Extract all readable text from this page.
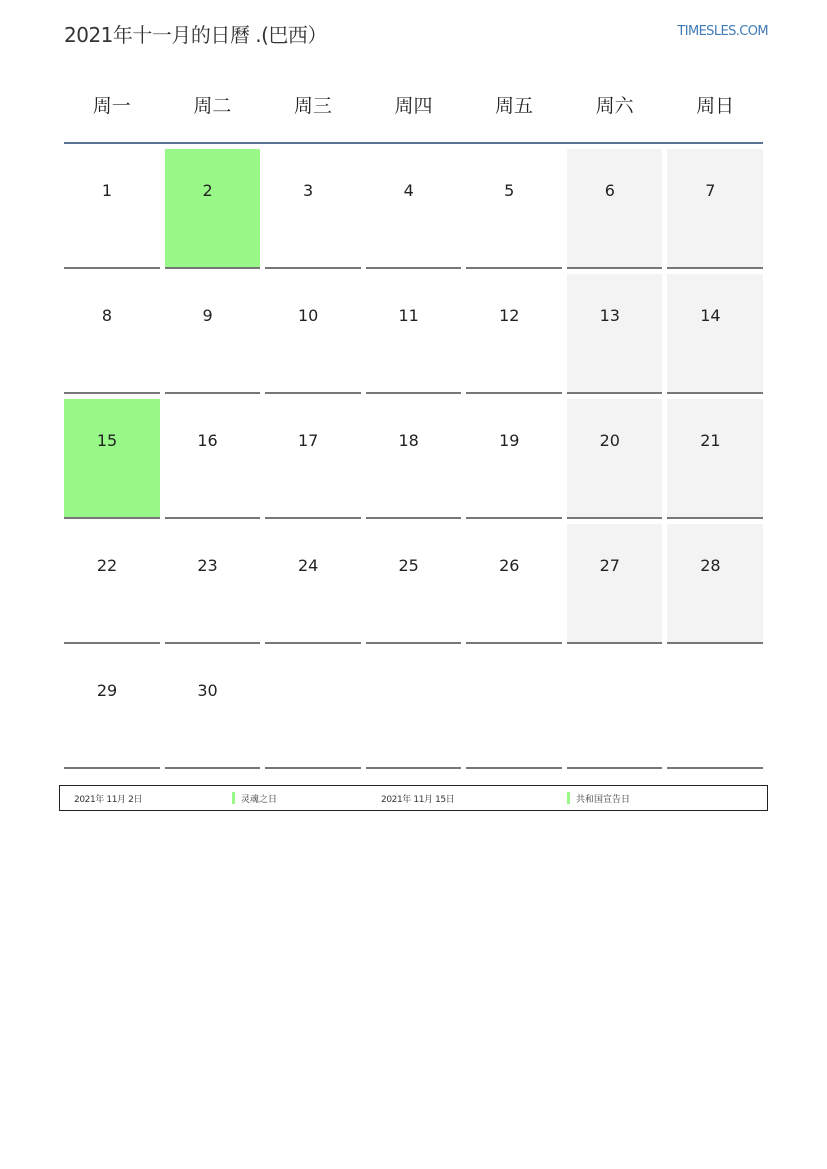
2021年十一月的日曆 .(巴西）	TIMESLES.COM
周一	周二	周三	周四	周五	周六	周日
1	2	3	4	5	6	7
8	9	10	11	12	13	14
15	16	17	18	19	20	21
22	23	24	25	26	27	28
29	30
2021年 11月 2日	灵魂之日	2021年 11月 15日	共和国宣告日
